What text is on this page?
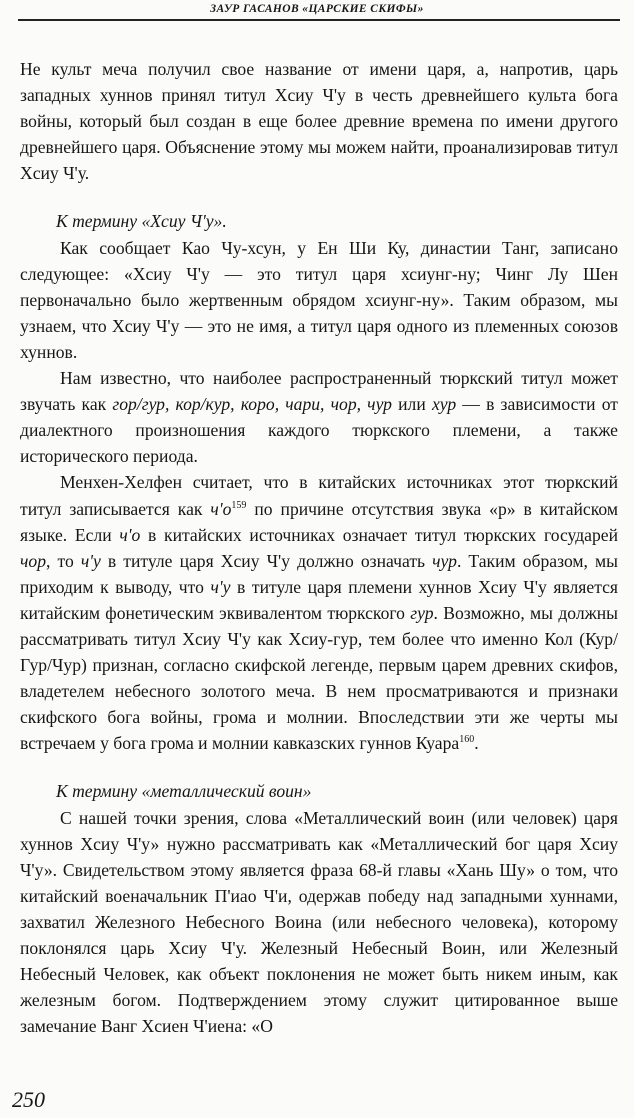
ЗАУР ГАСАНОВ «ЦАРСКИЕ СКИФЫ»

Не культ меча получил свое название от имени царя, а, напротив, царь западных хуннов принял титул Хсиу Ч'у в честь древнейшего культа бога войны, который был создан в еще более древние времена по имени другого древнейшего царя. Объяснение этому мы можем найти, проанализировав титул Хсиу Ч'у.

К термину «Хсиу Ч'у».

Как сообщает Као Чу-хсун, у Ен Ши Ку, династии Танг, записано следующее: «Хсиу Ч'у — это титул царя хсиунг-ну; Чинг Лу Шен первоначально было жертвенным обрядом хсиунг-ну». Таким образом, мы узнаем, что Хсиу Ч'у — это не имя, а титул царя одного из племенных союзов хуннов.

Нам известно, что наиболее распространенный тюркский титул может звучать как гор/гур, кор/кур, коро, чари, чор, чур или хур — в зависимости от диалектного произношения каждого тюркского племени, а также исторического периода.

Менхен-Хелфен считает, что в китайских источниках этот тюркский титул записывается как $ч'о^{159}$ по причине отсутствия звука «р» в китайском языке. Если ч'о в китайских источниках означает титул тюркских государей чор, то ч'у в титуле царя Хсиу Ч'у должно означать чур. Таким образом, мы приходим к выводу, что ч'у в титуле царя племени хуннов Хсиу Ч'у является китайским фонетическим эквивалентом тюркского гур. Возможно, мы должны рассматривать титул Хсиу Ч'у как Хсиу-гур, тем более что именно Кол (Кур/Гур/Чур) признан, согласно скифской легенде, первым царем древних скифов, владетелем небесного золотого меча. В нем просматриваются и признаки скифского бога войны, грома и молнии. Впоследствии эти же черты мы встречаем у бога грома и молнии кавказских гуннов Куара$^{160}$.

К термину «металлический воин»

С нашей точки зрения, слова «Металлический воин (или человек) царя хуннов Хсиу Ч'у» нужно рассматривать как «Металлический бог царя Хсиу Ч'у». Свидетельством этому является фраза 68-й главы «Хань Шу» о том, что китайский военачальник П'иао Ч'и, одержав победу над западными хуннами, захватил Железного Небесного Воина (или небесного человека), которому поклонялся царь Хсиу Ч'у. Железный Небесный Воин, или Железный Небесный Человек, как объект поклонения не может быть никем иным, как железным богом. Подтверждением этому служит цитированное выше замечание Ванг Хсиен Ч'иена: «О

250
